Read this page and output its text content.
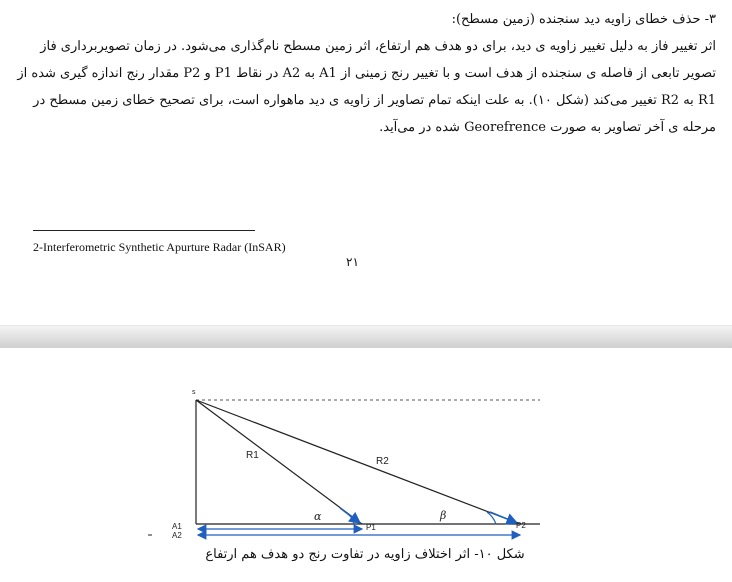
۳- حذف خطای زاویه دید سنجنده (زمین مسطح):
اثر تغییر فاز به دلیل تغییر زاویه ی دید، برای دو هدف هم ارتفاع، اثر زمین مسطح نام‌گذاری می‌شود. در زمان تصویربرداری فاز تصویر تابعی از فاصله ی سنجنده از هدف است و با تغییر رنج زمینی از A1 به A2 در نقاط P1 و P2 مقدار رنج اندازه گیری شده از R1 به R2 تغییر می‌کند (شکل ۱۰). به علت اینکه تمام تصاویر از زاویه ی دید ماهواره است، برای تصحیح خطای زمین مسطح در مرحله ی آخر تصاویر به صورت Georefrence شده در می‌آید.
2-Interferometric Synthetic Apurture Radar (InSAR)
۲۱
s
R1
R2
α	β
P1	P2
A1
A2
شکل ۱۰- اثر اختلاف زاویه در تفاوت رنج دو هدف هم ارتفاع
